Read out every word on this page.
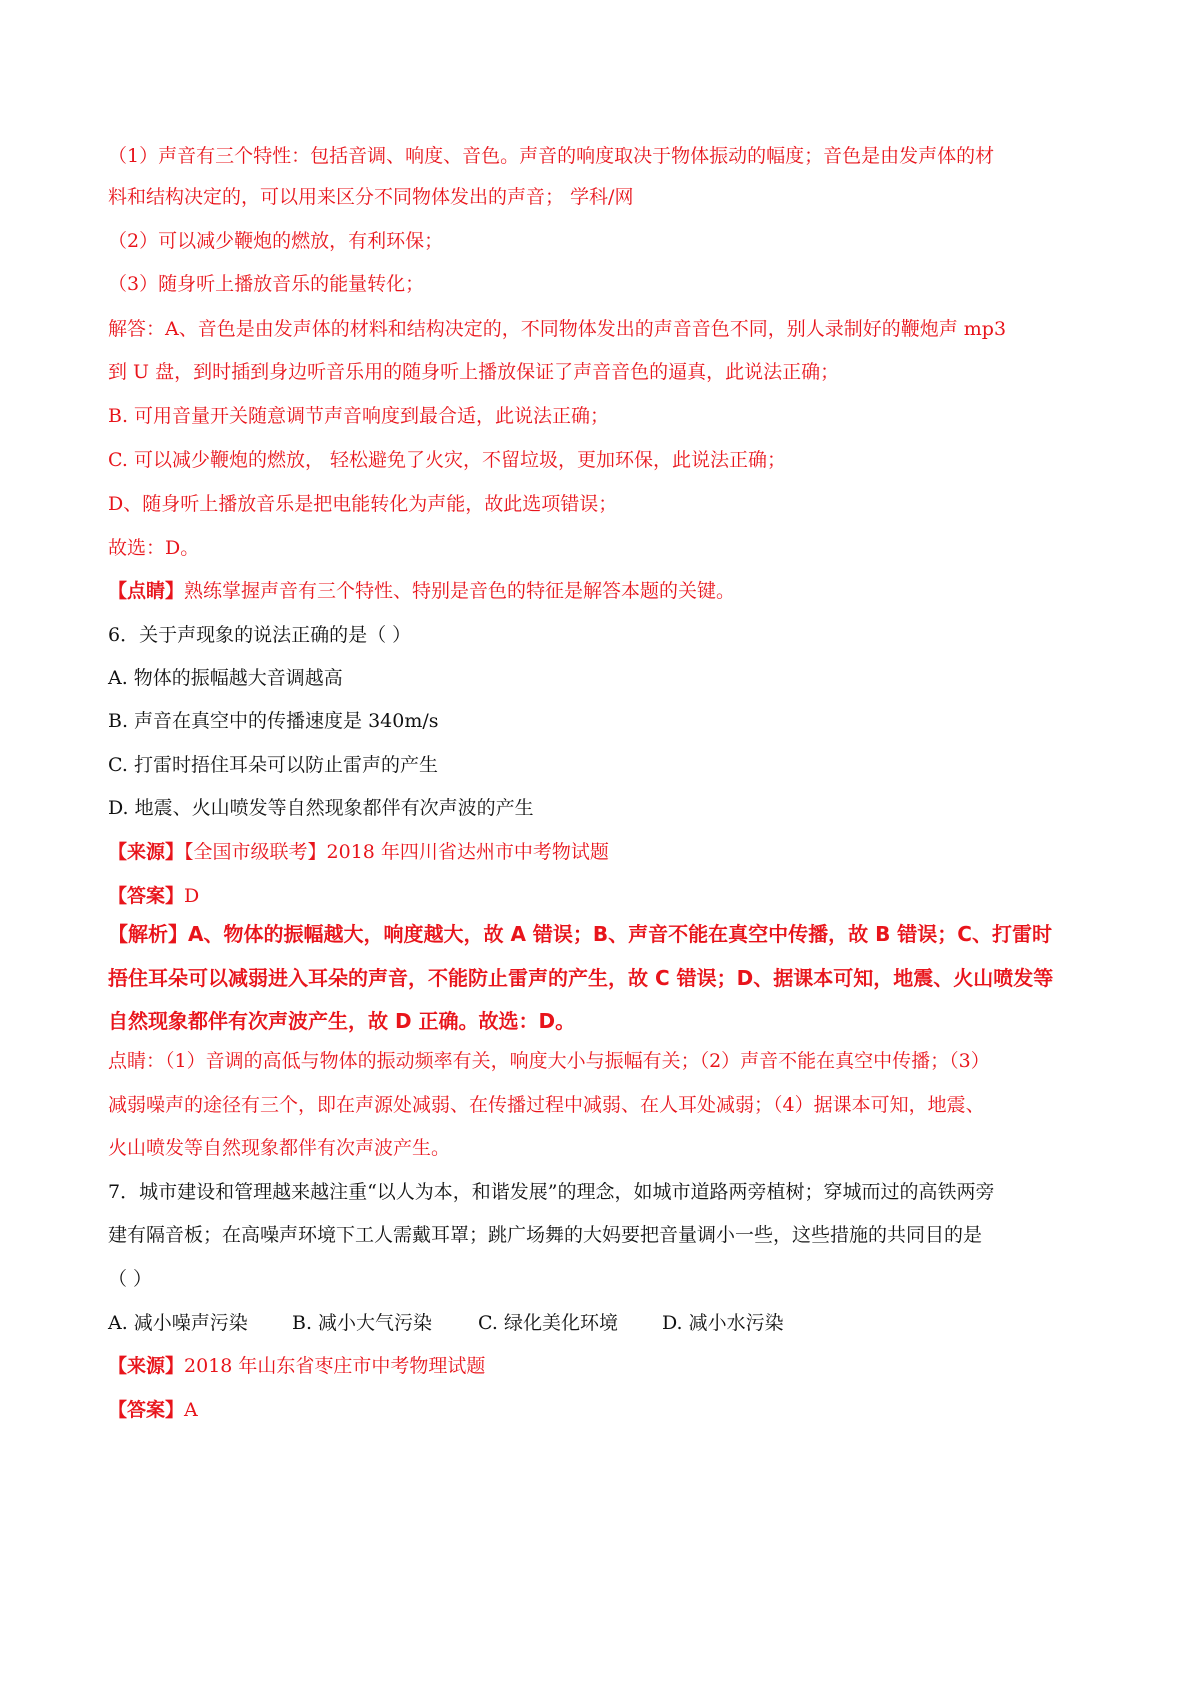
（1）声音有三个特性：包括音调、响度、音色。声音的响度取决于物体振动的幅度；音色是由发声体的材
料和结构决定的，可以用来区分不同物体发出的声音； 学科/网
（2）可以减少鞭炮的燃放，有利环保；
（3）随身听上播放音乐的能量转化；
解答：A、音色是由发声体的材料和结构决定的，不同物体发出的声音音色不同，别人录制好的鞭炮声 mp3
到 U 盘，到时插到身边听音乐用的随身听上播放保证了声音音色的逼真，此说法正确；
B. 可用音量开关随意调节声音响度到最合适，此说法正确；
C. 可以减少鞭炮的燃放， 轻松避免了火灾，不留垃圾，更加环保，此说法正确；
D、随身听上播放音乐是把电能转化为声能，故此选项错误；
故选：D。
【点睛】熟练掌握声音有三个特性、特别是音色的特征是解答本题的关键。
6．关于声现象的说法正确的是（ ）
A. 物体的振幅越大音调越高
B. 声音在真空中的传播速度是 340m/s
C. 打雷时捂住耳朵可以防止雷声的产生
D. 地震、火山喷发等自然现象都伴有次声波的产生
【来源】【全国市级联考】2018 年四川省达州市中考物试题
【答案】D
【解析】A、物体的振幅越大，响度越大，故 A 错误；B、声音不能在真空中传播，故 B 错误；C、打雷时
捂住耳朵可以减弱进入耳朵的声音，不能防止雷声的产生，故 C 错误；D、据课本可知，地震、火山喷发等
自然现象都伴有次声波产生，故 D 正确。故选：D。
点睛：（1）音调的高低与物体的振动频率有关，响度大小与振幅有关；（2）声音不能在真空中传播；（3）
减弱噪声的途径有三个，即在声源处减弱、在传播过程中减弱、在人耳处减弱；（4）据课本可知，地震、
火山喷发等自然现象都伴有次声波产生。
7．城市建设和管理越来越注重“以人为本，和谐发展”的理念，如城市道路两旁植树；穿城而过的高铁两旁
建有隔音板；在高噪声环境下工人需戴耳罩；跳广场舞的大妈要把音量调小一些，这些措施的共同目的是
（ ）
A. 减小噪声污染 B. 减小大气污染 C. 绿化美化环境 D. 减小水污染
【来源】2018 年山东省枣庄市中考物理试题
【答案】A
